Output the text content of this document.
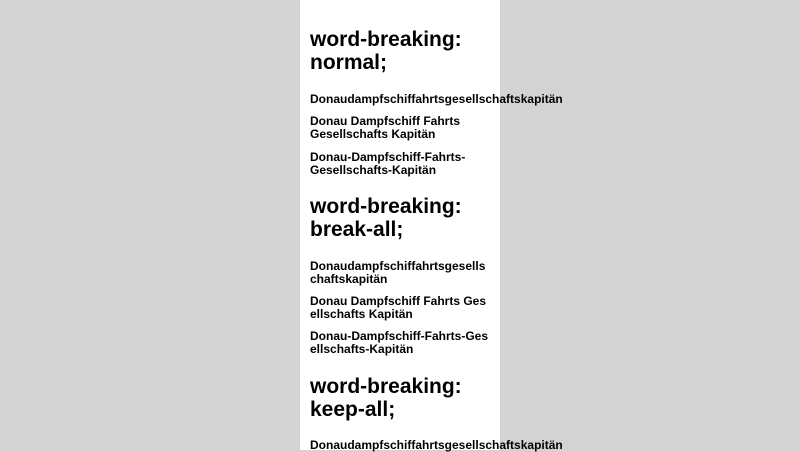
word-breaking: normal;

Donaudampfschiffahrtsgesellschaftskapitän

Donau Dampfschiff Fahrts Gesellschafts Kapitän

Donau-Dampfschiff-Fahrts-Gesellschafts-Kapitän

word-breaking: break-all;

Donaudampfschiffahrtsgesellschaftskapitän

Donau Dampfschiff Fahrts Gesellschafts Kapitän

Donau-Dampfschiff-Fahrts-Gesellschafts-Kapitän

word-breaking: keep-all;

Donaudampfschiffahrtsgesellschaftskapitän
